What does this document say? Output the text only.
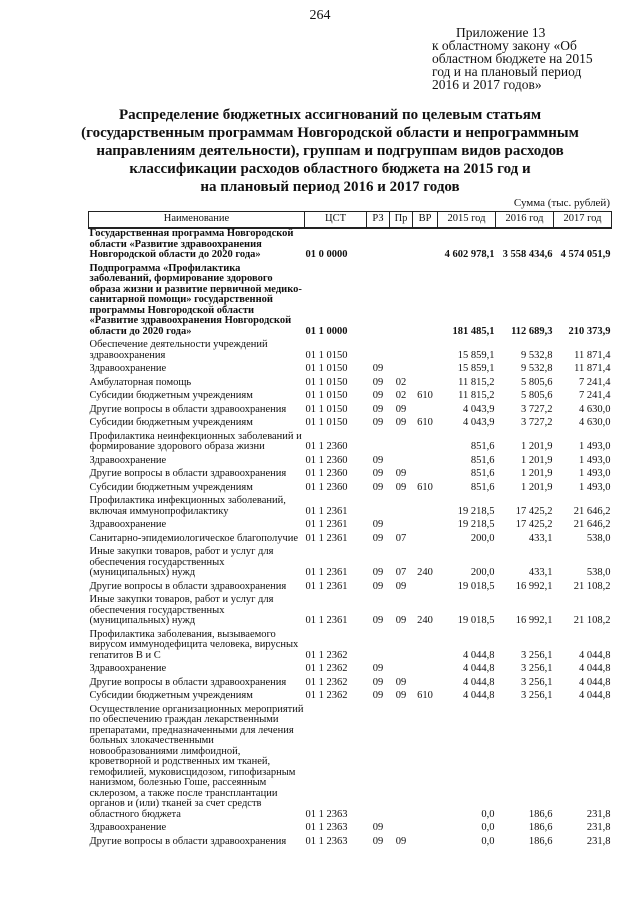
264
Приложение 13
к областному закону «Об
областном бюджете на 2015
год и на плановый период
2016 и 2017 годов»
Распределение бюджетных ассигнований по целевым статьям
(государственным программам Новгородской области и непрограммным
направлениям деятельности), группам и подгруппам видов расходов
классификации расходов областного бюджета на 2015 год и
на плановый период 2016 и 2017 годов
Сумма (тыс. рублей)
Наименование	ЦСТ	РЗ	Пр	ВР	2015 год	2016 год	2017 год
Государственная программа Новгородской области «Развитие здравоохранения Новгородской области до 2020 года»	01 0 0000				4 602 978,1	3 558 434,6	4 574 051,9
Подпрограмма «Профилактика заболеваний, формирование здорового образа жизни и развитие первичной медико-санитарной помощи» государственной программы Новгородской области «Развитие здравоохранения Новгородской области до 2020 года»	01 1 0000				181 485,1	112 689,3	210 373,9
Обеспечение деятельности учреждений здравоохранения	01 1 0150				15 859,1	9 532,8	11 871,4
Здравоохранение	01 1 0150	09			15 859,1	9 532,8	11 871,4
Амбулаторная помощь	01 1 0150	09	02		11 815,2	5 805,6	7 241,4
Субсидии бюджетным учреждениям	01 1 0150	09	02	610	11 815,2	5 805,6	7 241,4
Другие вопросы в области здравоохранения	01 1 0150	09	09		4 043,9	3 727,2	4 630,0
Субсидии бюджетным учреждениям	01 1 0150	09	09	610	4 043,9	3 727,2	4 630,0
Профилактика неинфекционных заболеваний и формирование здорового образа жизни	01 1 2360				851,6	1 201,9	1 493,0
Здравоохранение	01 1 2360	09			851,6	1 201,9	1 493,0
Другие вопросы в области здравоохранения	01 1 2360	09	09		851,6	1 201,9	1 493,0
Субсидии бюджетным учреждениям	01 1 2360	09	09	610	851,6	1 201,9	1 493,0
Профилактика инфекционных заболеваний, включая иммунопрофилактику	01 1 2361				19 218,5	17 425,2	21 646,2
Здравоохранение	01 1 2361	09			19 218,5	17 425,2	21 646,2
Санитарно-эпидемиологическое благополучие	01 1 2361	09	07		200,0	433,1	538,0
Иные закупки товаров, работ и услуг для обеспечения государственных (муниципальных) нужд	01 1 2361	09	07	240	200,0	433,1	538,0
Другие вопросы в области здравоохранения	01 1 2361	09	09		19 018,5	16 992,1	21 108,2
Иные закупки товаров, работ и услуг для обеспечения государственных (муниципальных) нужд	01 1 2361	09	09	240	19 018,5	16 992,1	21 108,2
Профилактика заболевания, вызываемого вирусом иммунодефицита человека, вирусных гепатитов В и С	01 1 2362				4 044,8	3 256,1	4 044,8
Здравоохранение	01 1 2362	09			4 044,8	3 256,1	4 044,8
Другие вопросы в области здравоохранения	01 1 2362	09	09		4 044,8	3 256,1	4 044,8
Субсидии бюджетным учреждениям	01 1 2362	09	09	610	4 044,8	3 256,1	4 044,8
Осуществление организационных мероприятий по обеспечению граждан лекарственными препаратами, предназначенными для лечения больных злокачественными новообразованиями лимфоидной, кроветворной и родственных им тканей, гемофилией, муковисцидозом, гипофизарным нанизмом, болезнью Гоше, рассеянным склерозом, а также после трансплантации органов и (или) тканей за счет средств областного бюджета	01 1 2363				0,0	186,6	231,8
Здравоохранение	01 1 2363	09			0,0	186,6	231,8
Другие вопросы в области здравоохранения	01 1 2363	09	09		0,0	186,6	231,8
